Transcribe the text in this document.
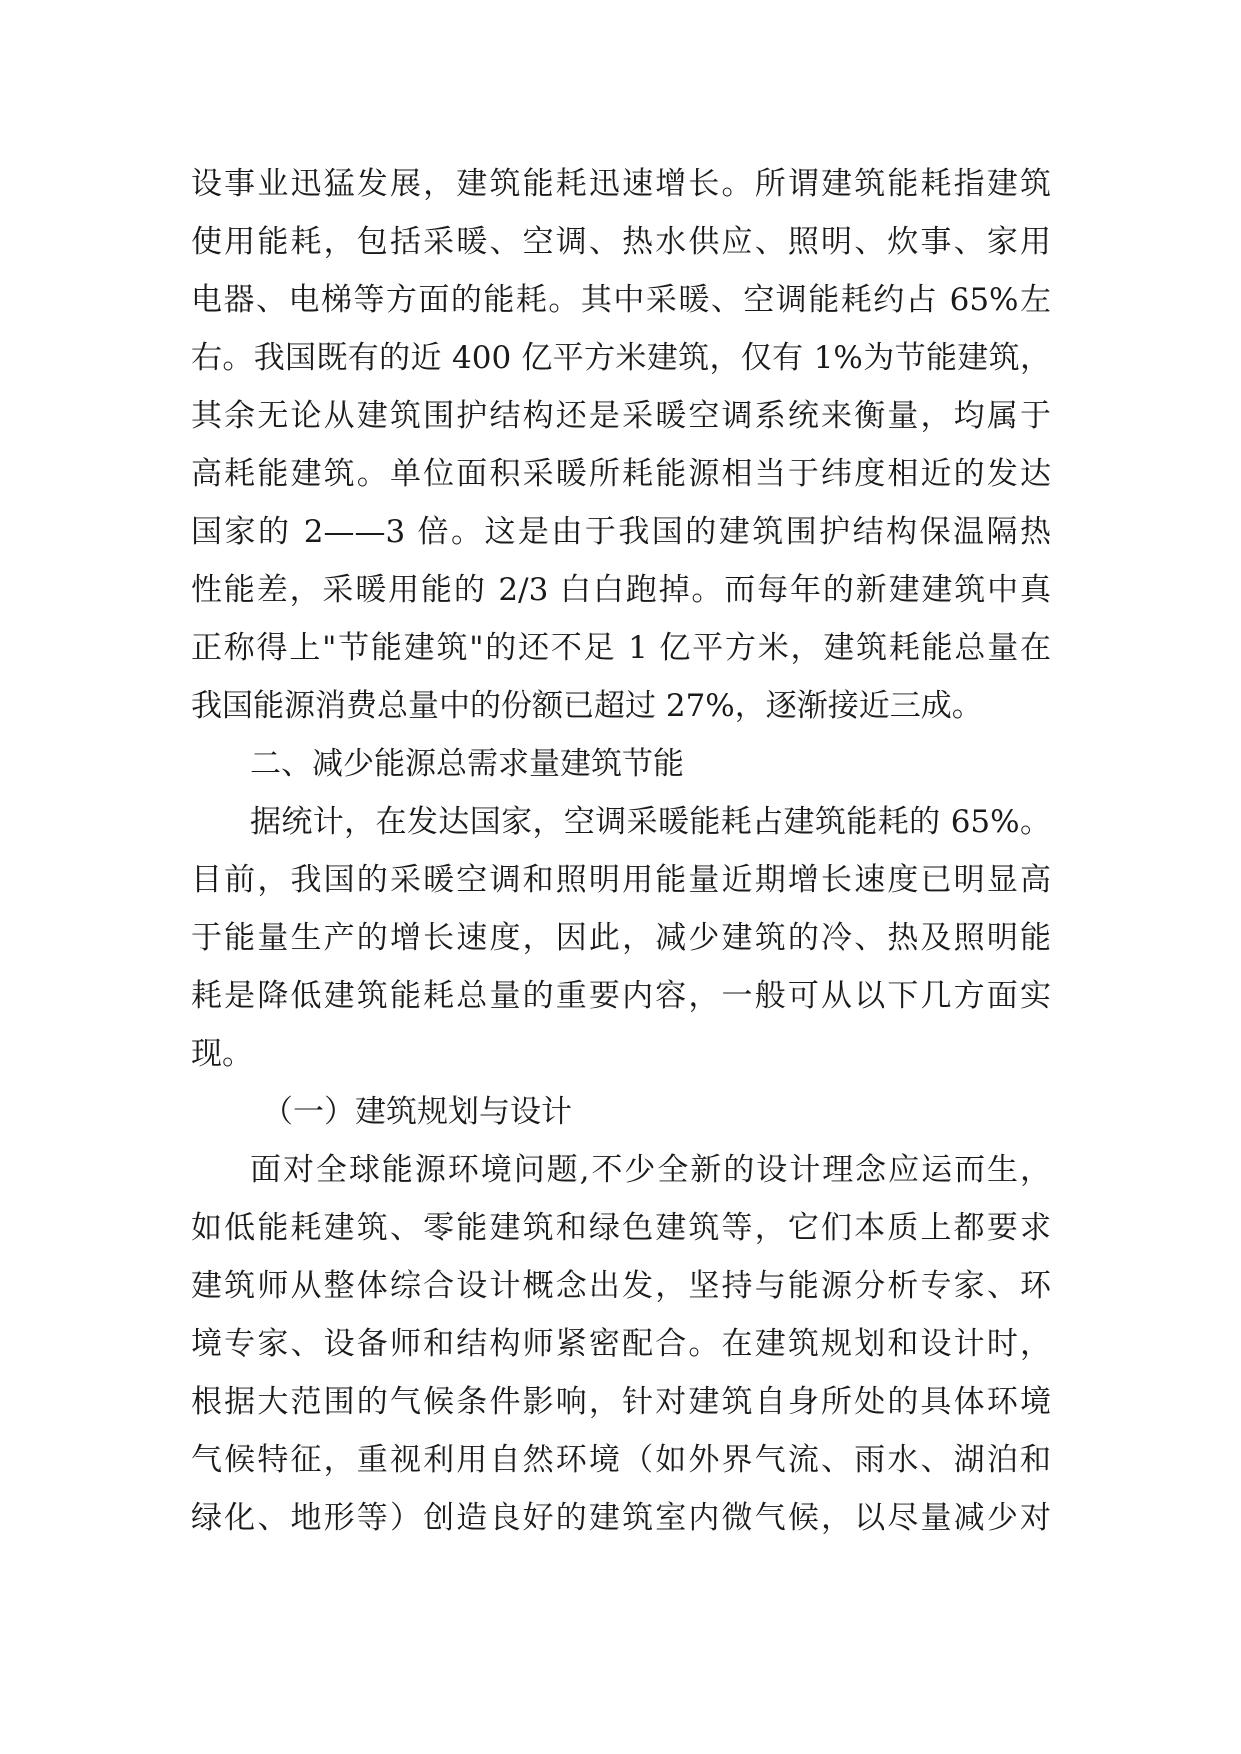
设事业迅猛发展，建筑能耗迅速增长。所谓建筑能耗指建筑
使用能耗，包括采暖、空调、热水供应、照明、炊事、家用
电器、电梯等方面的能耗。其中采暖、空调能耗约占 65%左
右。我国既有的近 400 亿平方米建筑，仅有 1%为节能建筑，
其余无论从建筑围护结构还是采暖空调系统来衡量，均属于
高耗能建筑。单位面积采暖所耗能源相当于纬度相近的发达
国家的 2——3 倍。这是由于我国的建筑围护结构保温隔热
性能差，采暖用能的 2/3 白白跑掉。而每年的新建建筑中真
正称得上"节能建筑"的还不足 1 亿平方米，建筑耗能总量在
我国能源消费总量中的份额已超过 27%，逐渐接近三成。
二、减少能源总需求量建筑节能
据统计，在发达国家，空调采暖能耗占建筑能耗的 65%。
目前，我国的采暖空调和照明用能量近期增长速度已明显高
于能量生产的增长速度，因此，减少建筑的冷、热及照明能
耗是降低建筑能耗总量的重要内容，一般可从以下几方面实
现。
（一）建筑规划与设计
面对全球能源环境问题,不少全新的设计理念应运而生，
如低能耗建筑、零能建筑和绿色建筑等，它们本质上都要求
建筑师从整体综合设计概念出发，坚持与能源分析专家、环
境专家、设备师和结构师紧密配合。在建筑规划和设计时，
根据大范围的气候条件影响，针对建筑自身所处的具体环境
气候特征，重视利用自然环境（如外界气流、雨水、湖泊和
绿化、地形等）创造良好的建筑室内微气候，以尽量减少对
